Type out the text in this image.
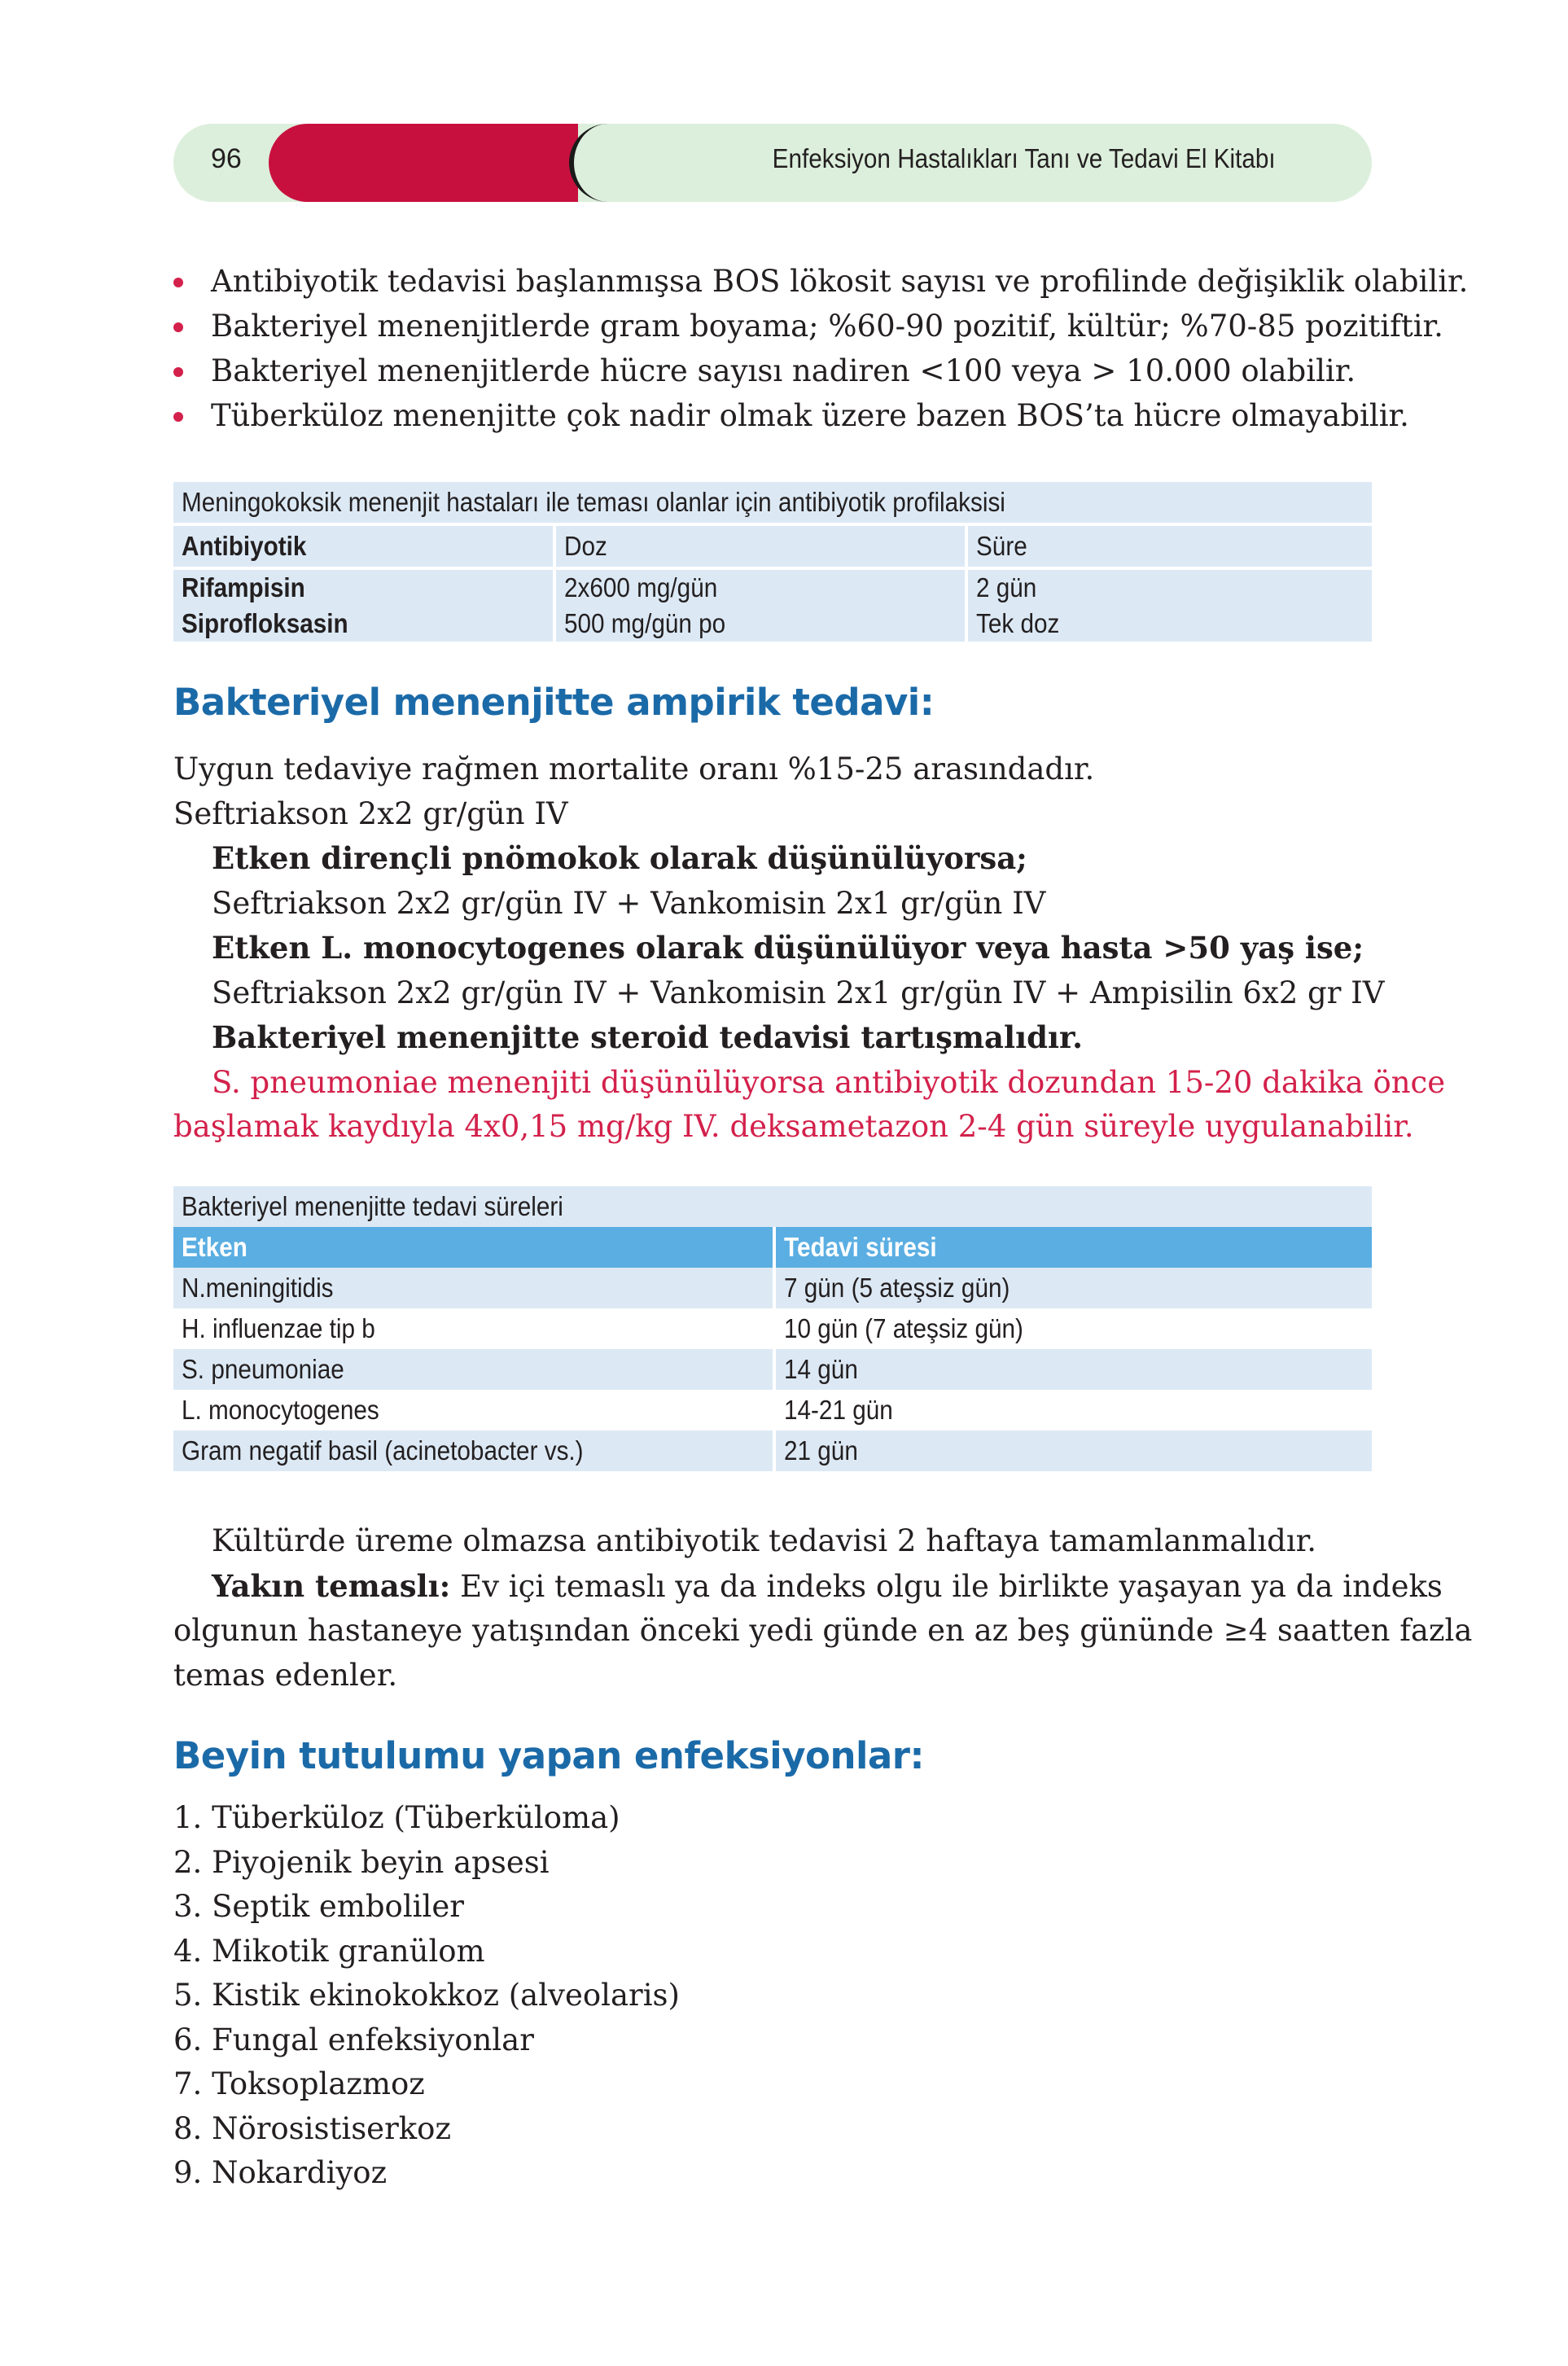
96	Enfeksiyon Hastalıkları Tanı ve Tedavi El Kitabı
Antibiyotik tedavisi başlanmışsa BOS lökosit sayısı ve profilinde değişiklik olabilir.
Bakteriyel menenjitlerde gram boyama; %60-90 pozitif, kültür; %70-85 pozitiftir.
Bakteriyel menenjitlerde hücre sayısı nadiren <100 veya > 10.000 olabilir.
Tüberküloz menenjitte çok nadir olmak üzere bazen BOS’ta hücre olmayabilir.
Meningokoksik menenjit hastaları ile teması olanlar için antibiyotik profilaksisi		
Antibiyotik	Doz	Süre
Rifampisin	2x600 mg/gün	2 gün
Siprofloksasin	500 mg/gün po	Tek doz
Bakteriyel menenjitte ampirik tedavi:
Uygun tedaviye rağmen mortalite oranı %15-25 arasındadır.
Seftriakson 2x2 gr/gün IV
Etken dirençli pnömokok olarak düşünülüyorsa;
Seftriakson 2x2 gr/gün IV + Vankomisin 2x1 gr/gün IV
Etken L. monocytogenes olarak düşünülüyor veya hasta >50 yaş ise;
Seftriakson 2x2 gr/gün IV + Vankomisin 2x1 gr/gün IV + Ampisilin 6x2 gr IV
Bakteriyel menenjitte steroid tedavisi tartışmalıdır.
S. pneumoniae menenjiti düşünülüyorsa antibiyotik dozundan 15-20 dakika önce
başlamak kaydıyla 4x0,15 mg/kg IV. deksametazon 2-4 gün süreyle uygulanabilir.
Bakteriyel menenjitte tedavi süreleri	
Etken	Tedavi süresi
N.meningitidis	7 gün (5 ateşsiz gün)
H. influenzae tip b	10 gün (7 ateşsiz gün)
S. pneumoniae	14 gün
L. monocytogenes	14-21 gün
Gram negatif basil (acinetobacter vs.)	21 gün
Kültürde üreme olmazsa antibiyotik tedavisi 2 haftaya tamamlanmalıdır.
Yakın temaslı: Ev içi temaslı ya da indeks olgu ile birlikte yaşayan ya da indeks
olgunun hastaneye yatışından önceki yedi günde en az beş gününde ≥4 saatten fazla
temas edenler.
Beyin tutulumu yapan enfeksiyonlar:
1. Tüberküloz (Tüberküloma)
2. Piyojenik beyin apsesi
3. Septik emboliler
4. Mikotik granülom
5. Kistik ekinokokkoz (alveolaris)
6. Fungal enfeksiyonlar
7. Toksoplazmoz
8. Nörosistiserkoz
9. Nokardiyoz
